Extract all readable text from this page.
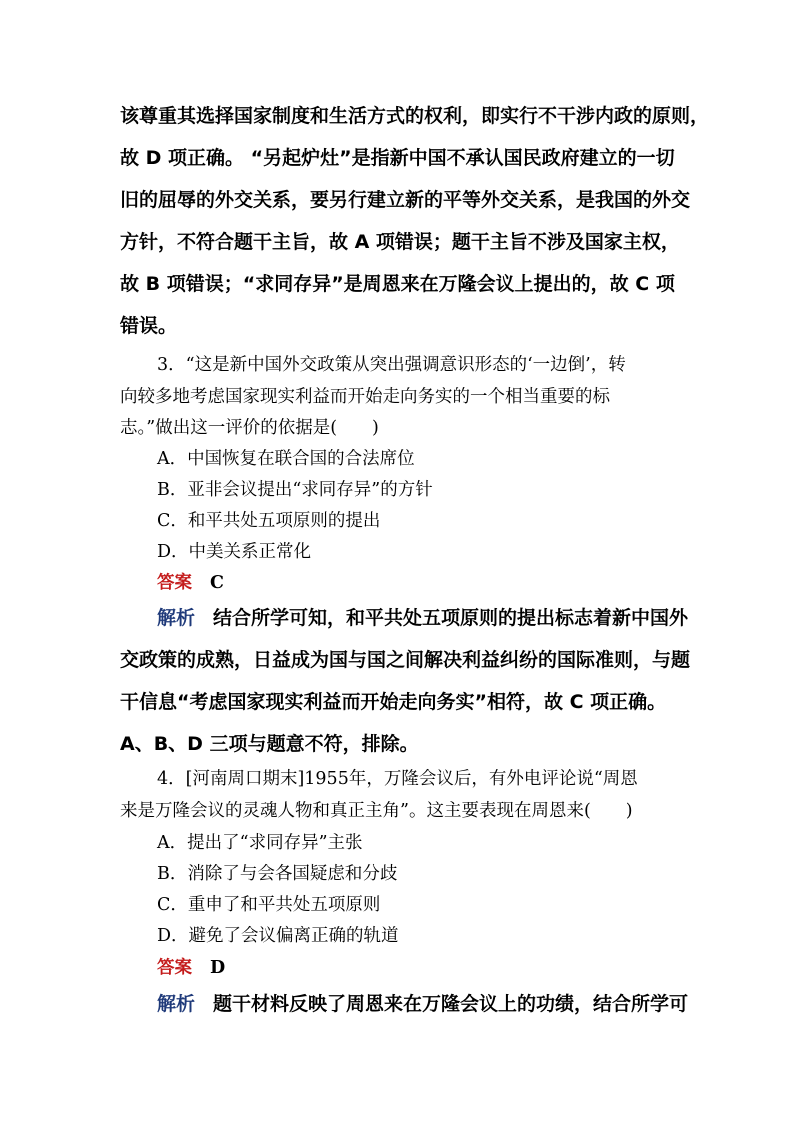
该尊重其选择国家制度和生活方式的权利，即实行不干涉内政的原则，
故 D 项正确。 “另起炉灶”是指新中国不承认国民政府建立的一切
旧的屈辱的外交关系，要另行建立新的平等外交关系，是我国的外交
方针，不符合题干主旨，故 A 项错误；题干主旨不涉及国家主权，
故 B 项错误；“求同存异”是周恩来在万隆会议上提出的，故 C 项
错误。
3．“这是新中国外交政策从突出强调意识形态的‘一边倒’，转
向较多地考虑国家现实利益而开始走向务实的一个相当重要的标
志。”做出这一评价的依据是(　　)
A．中国恢复在联合国的合法席位
B．亚非会议提出“求同存异”的方针
C．和平共处五项原则的提出
D．中美关系正常化
答案 C
解析 结合所学可知，和平共处五项原则的提出标志着新中国外
交政策的成熟，日益成为国与国之间解决利益纠纷的国际准则，与题
干信息“考虑国家现实利益而开始走向务实”相符，故 C 项正确。
A、B、D 三项与题意不符，排除。
4．[河南周口期末]1955年，万隆会议后，有外电评论说“周恩
来是万隆会议的灵魂人物和真正主角”。这主要表现在周恩来(　　)
A．提出了“求同存异”主张
B．消除了与会各国疑虑和分歧
C．重申了和平共处五项原则
D．避免了会议偏离正确的轨道
答案 D
解析 题干材料反映了周恩来在万隆会议上的功绩，结合所学可
